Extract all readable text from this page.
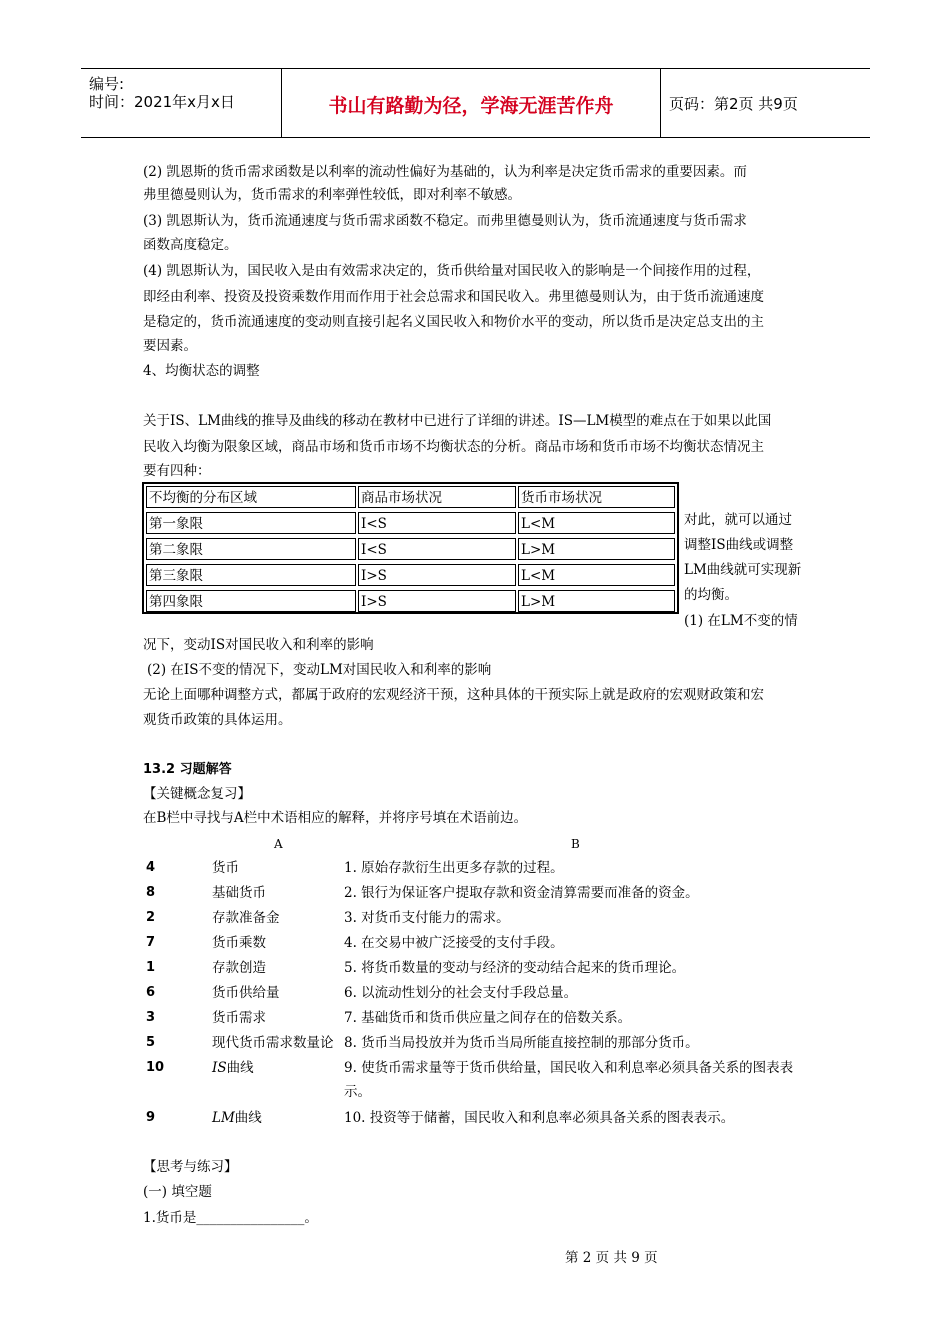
编号:
时间：2021年x月x日	书山有路勤为径，学海无涯苦作舟	页码：第2页 共9页
(2) 凯恩斯的货币需求函数是以利率的流动性偏好为基础的，认为利率是决定货币需求的重要因素。而
弗里德曼则认为，货币需求的利率弹性较低，即对利率不敏感。
(3) 凯恩斯认为，货币流通速度与货币需求函数不稳定。而弗里德曼则认为，货币流通速度与货币需求
函数高度稳定。
(4) 凯恩斯认为，国民收入是由有效需求决定的，货币供给量对国民收入的影响是一个间接作用的过程，
即经由利率、投资及投资乘数作用而作用于社会总需求和国民收入。弗里德曼则认为，由于货币流通速度
是稳定的，货币流通速度的变动则直接引起名义国民收入和物价水平的变动，所以货币是决定总支出的主
要因素。
4、均衡状态的调整
关于IS、LM曲线的推导及曲线的移动在教材中已进行了详细的讲述。IS—LM模型的难点在于如果以此国
民收入均衡为限象区域，商品市场和货币市场不均衡状态的分析。商品市场和货币市场不均衡状态情况主
要有四种：
不均衡的分布区域	商品市场状况	货币市场状况
第一象限	I<S	L<M
第二象限	I<S	L>M
第三象限	I>S	L<M
第四象限	I>S	L>M
对此，就可以通过
调整IS曲线或调整
LM曲线就可实现新
的均衡。
(1) 在LM不变的情
况下，变动IS对国民收入和利率的影响
(2) 在IS不变的情况下，变动LM对国民收入和利率的影响
无论上面哪种调整方式，都属于政府的宏观经济干预，这种具体的干预实际上就是政府的宏观财政策和宏
观货币政策的具体运用。
13.2 习题解答
【关键概念复习】
在B栏中寻找与A栏中术语相应的解释，并将序号填在术语前边。
A	B
4	货币	1. 原始存款衍生出更多存款的过程。
8	基础货币	2. 银行为保证客户提取存款和资金清算需要而准备的资金。
2	存款准备金	3. 对货币支付能力的需求。
7	货币乘数	4. 在交易中被广泛接受的支付手段。
1	存款创造	5. 将货币数量的变动与经济的变动结合起来的货币理论。
6	货币供给量	6. 以流动性划分的社会支付手段总量。
3	货币需求	7. 基础货币和货币供应量之间存在的倍数关系。
5	现代货币需求数量论 8. 货币当局投放并为货币当局所能直接控制的那部分货币。
10	IS曲线	9. 使货币需求量等于货币供给量，国民收入和利息率必须具备关系的图表表示。
9	LM曲线	10. 投资等于储蓄，国民收入和利息率必须具备关系的图表表示。
【思考与练习】
(一) 填空题
1.货币是________________。
第 2 页 共 9 页
